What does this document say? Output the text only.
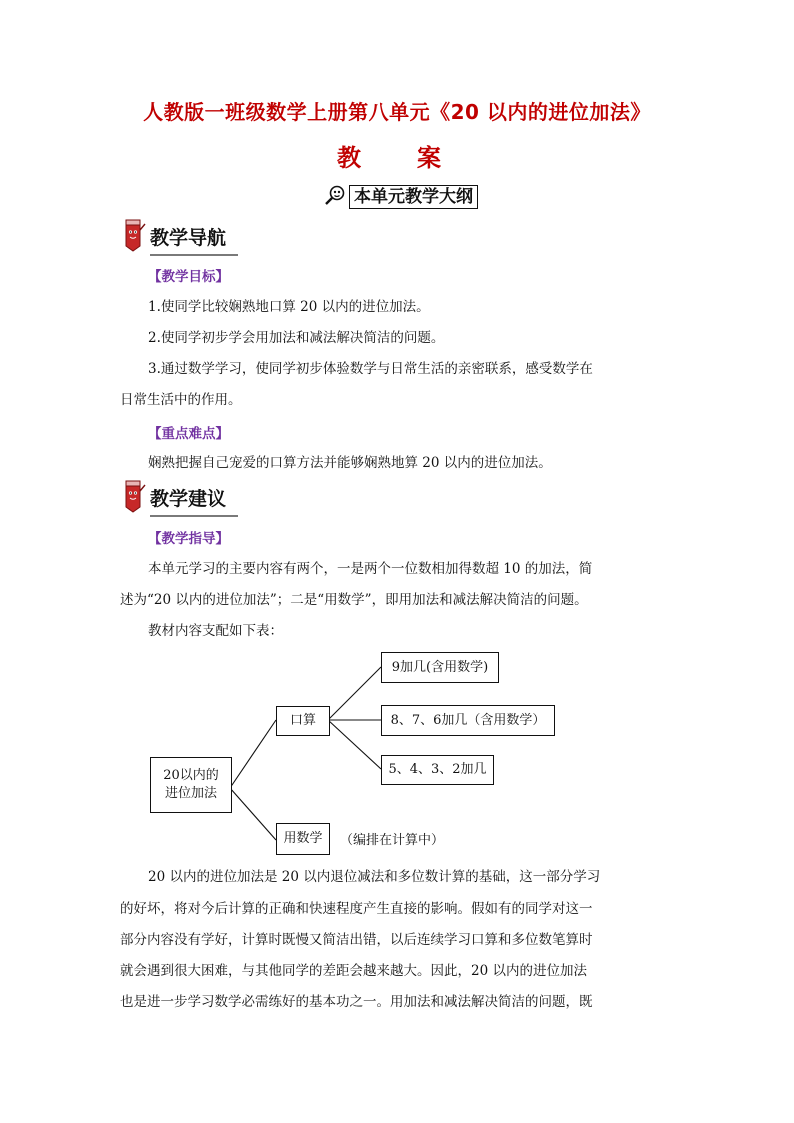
人教版一班级数学上册第八单元《20 以内的进位加法》
教　案
本单元教学大纲
教学导航
【教学目标】
1.使同学比较娴熟地口算 20 以内的进位加法。
2.使同学初步学会用加法和减法解决简洁的问题。
3.通过数学学习，使同学初步体验数学与日常生活的亲密联系，感受数学在
日常生活中的作用。
【重点难点】
娴熟把握自己宠爱的口算方法并能够娴熟地算 20 以内的进位加法。
教学建议
【教学指导】
本单元学习的主要内容有两个，一是两个一位数相加得数超 10 的加法，简
述为“20 以内的进位加法”；二是“用数学”，即用加法和减法解决简洁的问题。
教材内容支配如下表：
20以内的
进位加法
口算
用数学	（编排在计算中）
9加几(含用数学)
8、7、6加几（含用数学）
5、4、3、2加几
20 以内的进位加法是 20 以内退位减法和多位数计算的基础，这一部分学习
的好坏，将对今后计算的正确和快速程度产生直接的影响。假如有的同学对这一
部分内容没有学好，计算时既慢又简洁出错，以后连续学习口算和多位数笔算时
就会遇到很大困难，与其他同学的差距会越来越大。因此，20 以内的进位加法
也是进一步学习数学必需练好的基本功之一。用加法和减法解决简洁的问题，既
